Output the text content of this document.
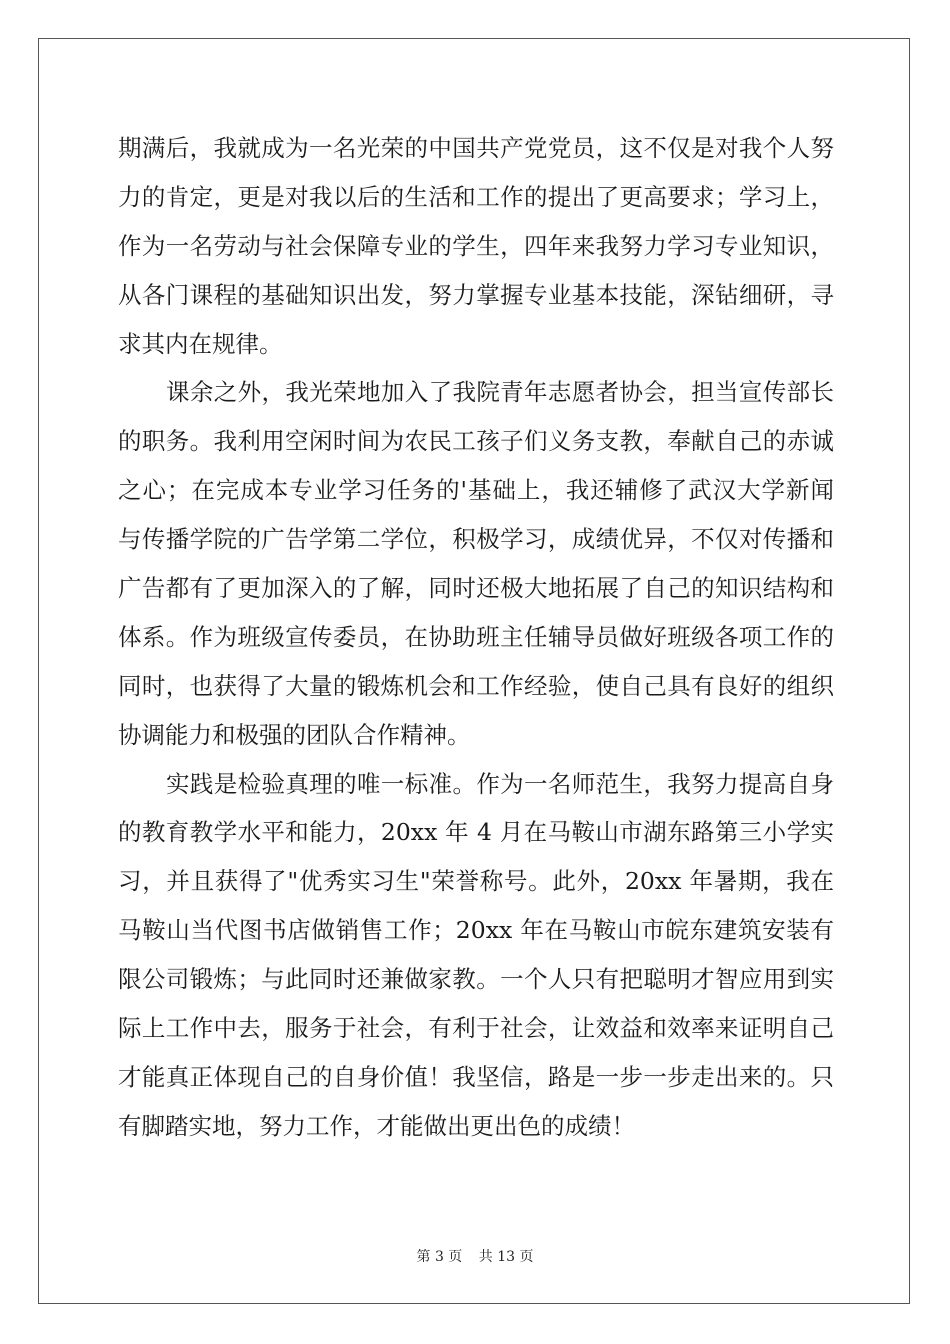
期满后，我就成为一名光荣的中国共产党党员，这不仅是对我个人努
力的肯定，更是对我以后的生活和工作的提出了更高要求；学习上，
作为一名劳动与社会保障专业的学生，四年来我努力学习专业知识，
从各门课程的基础知识出发，努力掌握专业基本技能，深钻细研，寻
求其内在规律。
课余之外，我光荣地加入了我院青年志愿者协会，担当宣传部长
的职务。我利用空闲时间为农民工孩子们义务支教，奉献自己的赤诚
之心；在完成本专业学习任务的'基础上，我还辅修了武汉大学新闻
与传播学院的广告学第二学位，积极学习，成绩优异，不仅对传播和
广告都有了更加深入的了解，同时还极大地拓展了自己的知识结构和
体系。作为班级宣传委员，在协助班主任辅导员做好班级各项工作的
同时，也获得了大量的锻炼机会和工作经验，使自己具有良好的组织
协调能力和极强的团队合作精神。
实践是检验真理的唯一标准。作为一名师范生，我努力提高自身
的教育教学水平和能力，20xx 年 4 月在马鞍山市湖东路第三小学实
习，并且获得了"优秀实习生"荣誉称号。此外，20xx 年暑期，我在
马鞍山当代图书店做销售工作；20xx 年在马鞍山市皖东建筑安装有
限公司锻炼；与此同时还兼做家教。一个人只有把聪明才智应用到实
际上工作中去，服务于社会，有利于社会，让效益和效率来证明自己
才能真正体现自己的自身价值！我坚信，路是一步一步走出来的。只
有脚踏实地，努力工作，才能做出更出色的成绩！
第 3 页 共 13 页
